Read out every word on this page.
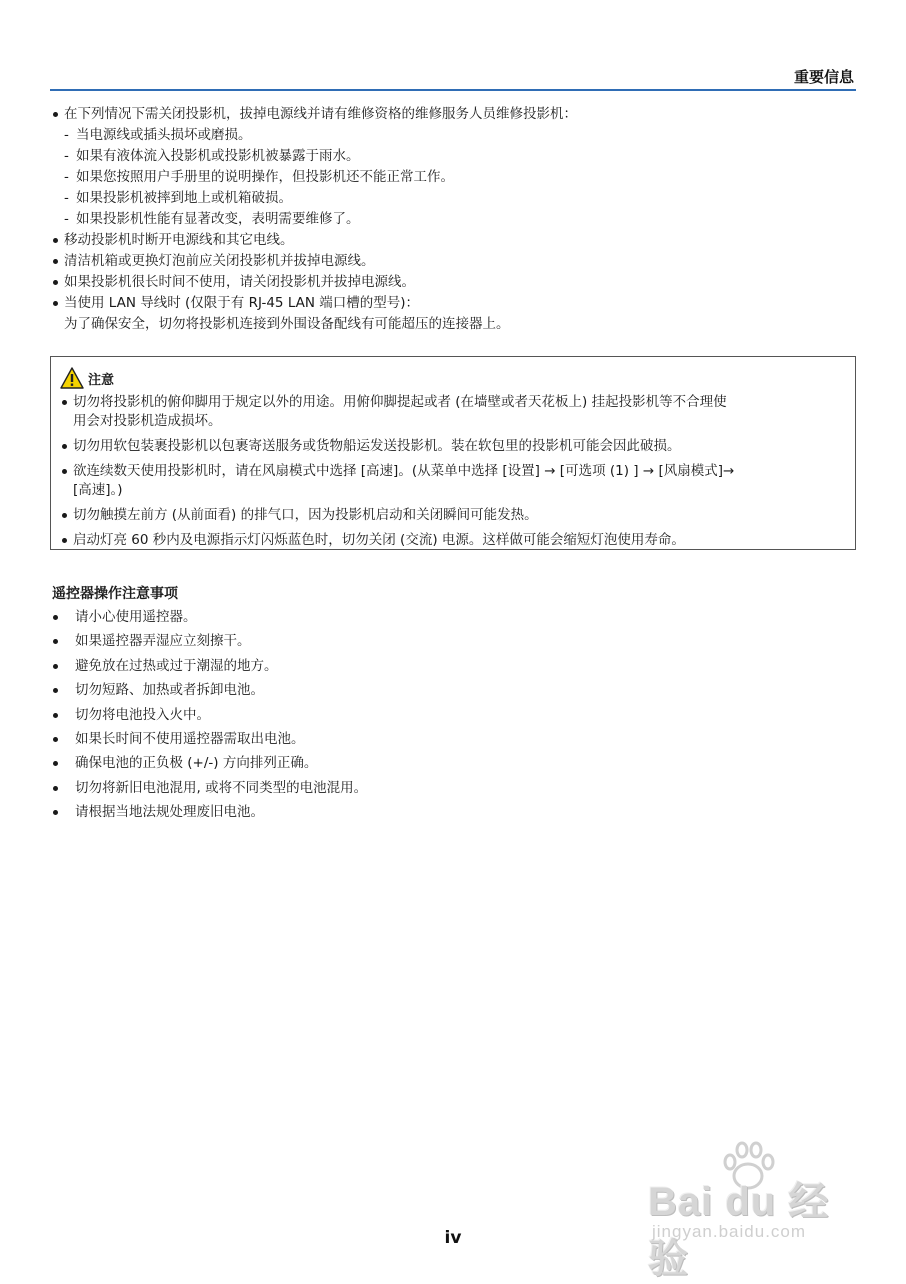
重要信息
在下列情况下需关闭投影机，拔掉电源线并请有维修资格的维修服务人员维修投影机：
- 当电源线或插头损坏或磨损。
- 如果有液体流入投影机或投影机被暴露于雨水。
- 如果您按照用户手册里的说明操作，但投影机还不能正常工作。
- 如果投影机被摔到地上或机箱破损。
- 如果投影机性能有显著改变，表明需要维修了。
移动投影机时断开电源线和其它电线。
清洁机箱或更换灯泡前应关闭投影机并拔掉电源线。
如果投影机很长时间不使用，请关闭投影机并拔掉电源线。
当使用 LAN 导线时 (仅限于有 RJ-45 LAN 端口槽的型号)：
为了确保安全，切勿将投影机连接到外围设备配线有可能超压的连接器上。
注意
切勿将投影机的俯仰脚用于规定以外的用途。用俯仰脚提起或者 (在墙壁或者天花板上) 挂起投影机等不合理使
用会对投影机造成损坏。
切勿用软包装裹投影机以包裹寄送服务或货物船运发送投影机。装在软包里的投影机可能会因此破损。
欲连续数天使用投影机时，请在风扇模式中选择 [高速]。(从菜单中选择 [设置] → [可选项 (1) ] → [风扇模式]→
[高速]。)
切勿触摸左前方 (从前面看) 的排气口，因为投影机启动和关闭瞬间可能发热。
启动灯亮 60 秒内及电源指示灯闪烁蓝色时，切勿关闭 (交流) 电源。这样做可能会缩短灯泡使用寿命。
遥控器操作注意事项
请小心使用遥控器。
如果遥控器弄湿应立刻擦干。
避免放在过热或过于潮湿的地方。
切勿短路、加热或者拆卸电池。
切勿将电池投入火中。
如果长时间不使用遥控器需取出电池。
确保电池的正负极 (+/-) 方向排列正确。
切勿将新旧电池混用, 或将不同类型的电池混用。
请根据当地法规处理废旧电池。
Bai du 经验
jingyan.baidu.com
iv
